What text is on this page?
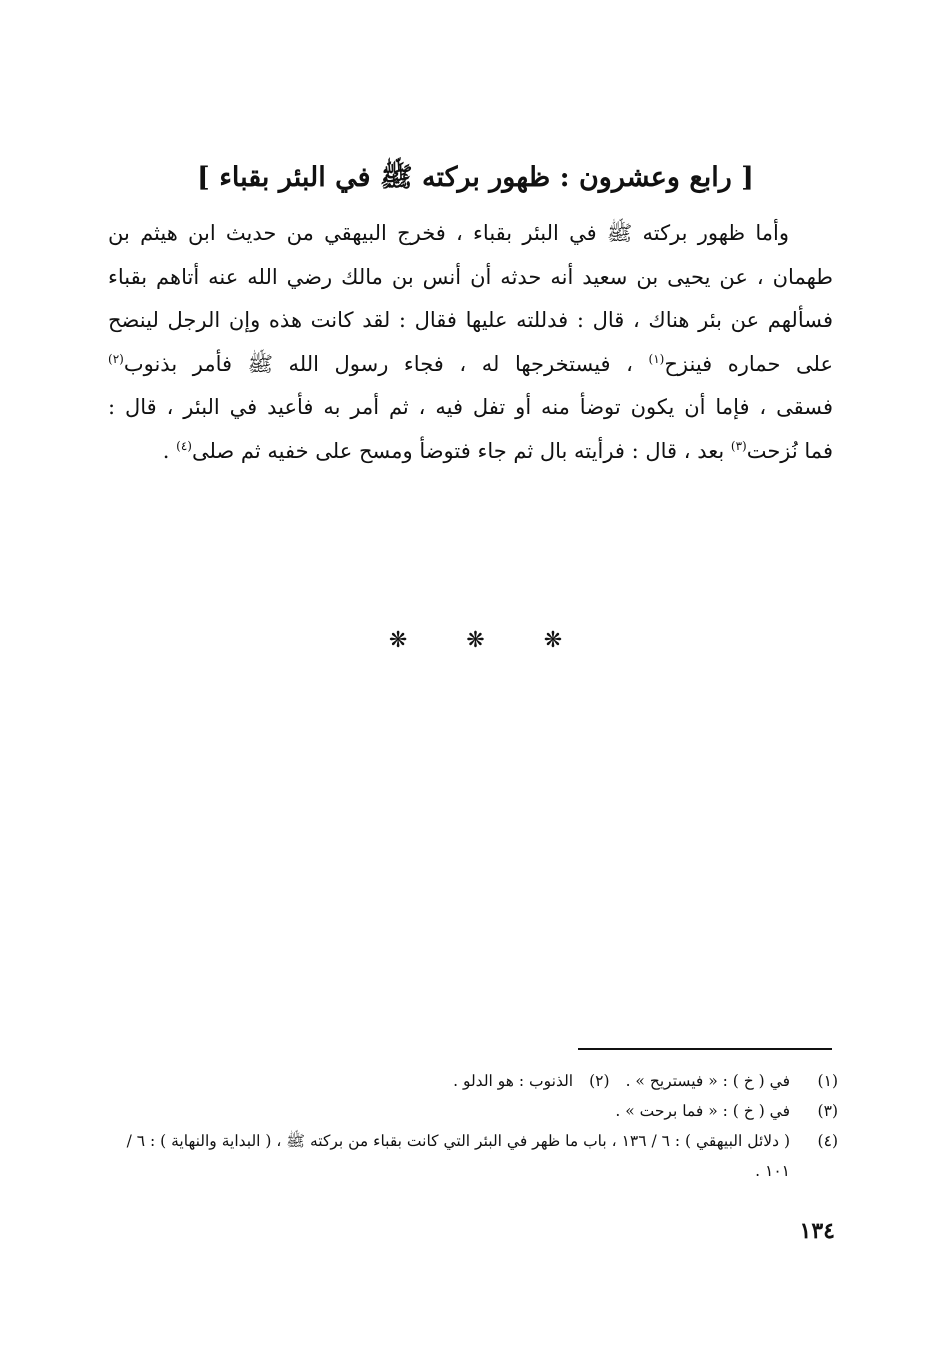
[ رابع وعشرون : ظهور بركته ﷺ في البئر بقباء ]
وأما ظهور بركته ﷺ في البئر بقباء ، فخرج البيهقي من حديث ابن هيثم بن
طهمان ، عن يحيى بن سعيد أنه حدثه أن أنس بن مالك رضي الله عنه أتاهم بقباء
فسألهم عن بئر هناك ، قال : فدللته عليها فقال : لقد كانت هذه وإن الرجل لينضح
على حماره فينزح$^{(١)}$ ، فيستخرجها له ، فجاء رسول الله ﷺ فأمر بذنوب$^{(٢)}$
فسقى ، فإما أن يكون توضأ منه أو تفل فيه ، ثم أمر به فأعيد في البئر ، قال :
فما نُزحت$^{(٣)}$ بعد ، قال : فرأيته بال ثم جاء فتوضأ ومسح على خفيه ثم صلى$^{(٤)}$ .
❋ ❋ ❋
(١)
في ( خ ) : « فيستريح » .(٢)الذنوب : هو الدلو .
(٣)
في ( خ ) : « فما برحت » .
(٤)
( دلائل البيهقي ) : ٦ / ١٣٦ ، باب ما ظهر في البئر التي كانت بقباء من بركته ﷺ ، ( البداية والنهاية ) : ٦ / ١٠١ .
١٣٤
